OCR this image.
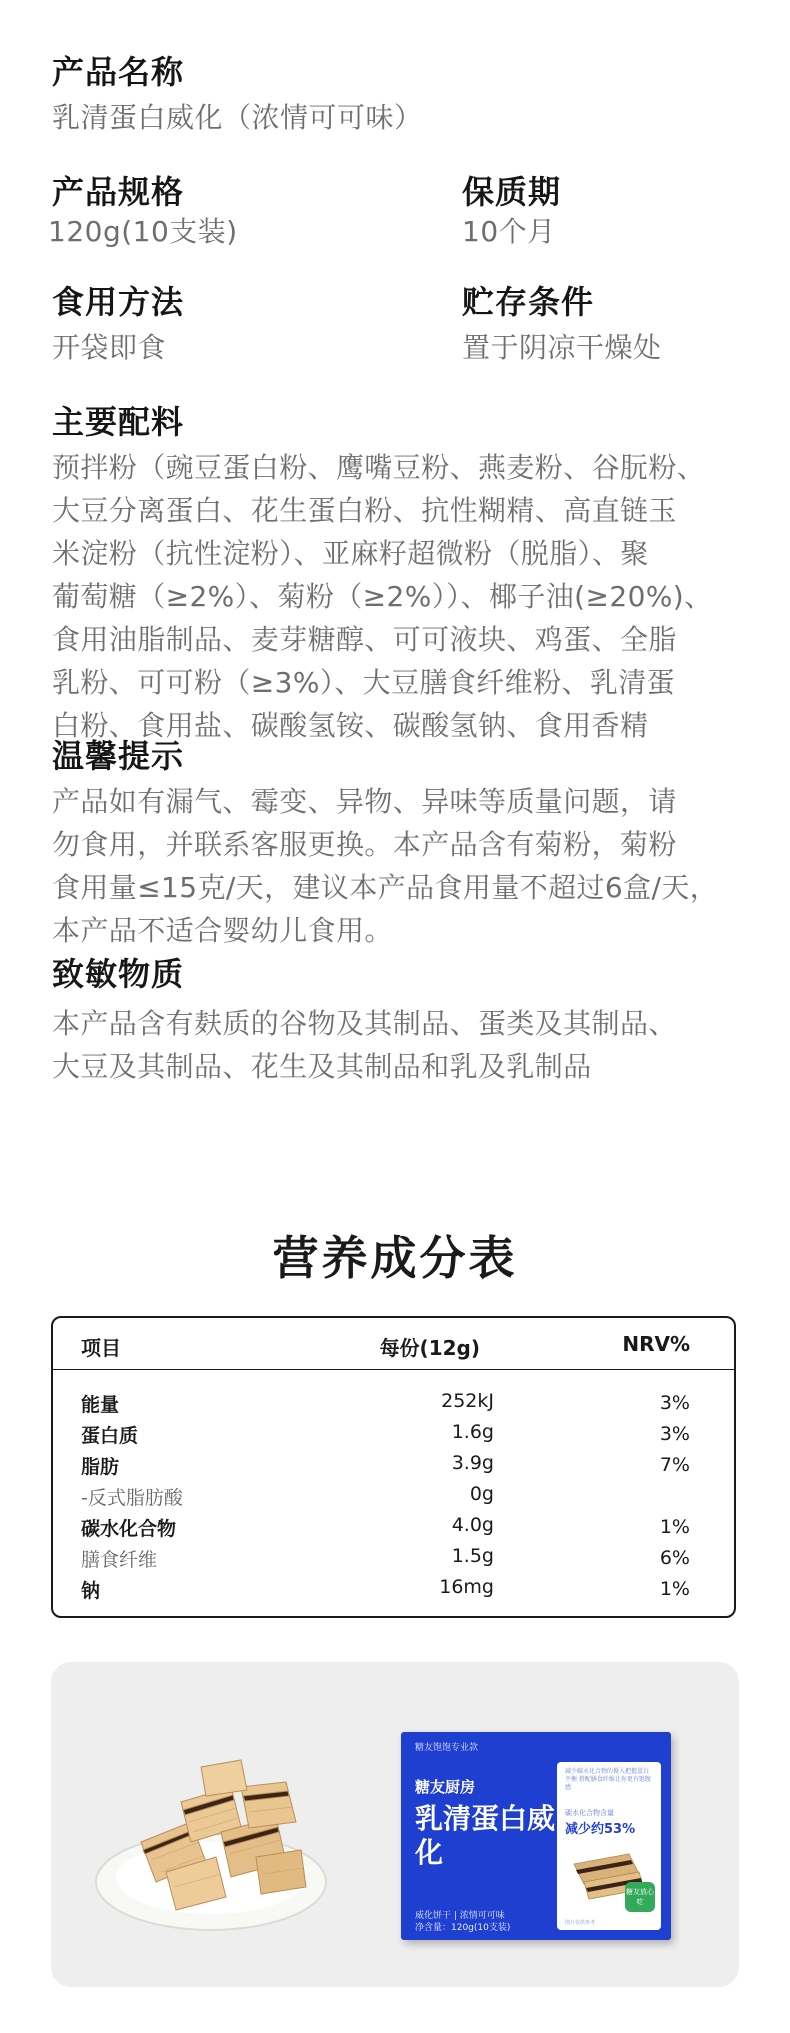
产品名称
乳清蛋白威化（浓情可可味）
产品规格
120g(10支装)
保质期
10个月
食用方法
开袋即食
贮存条件
置于阴凉干燥处
主要配料
预拌粉（豌豆蛋白粉、鹰嘴豆粉、燕麦粉、谷朊粉、
大豆分离蛋白、花生蛋白粉、抗性糊精、高直链玉
米淀粉（抗性淀粉）、亚麻籽超微粉（脱脂）、聚
葡萄糖（≥2%）、菊粉（≥2%））、椰子油(≥20%)、
食用油脂制品、麦芽糖醇、可可液块、鸡蛋、全脂
乳粉、可可粉（≥3%）、大豆膳食纤维粉、乳清蛋
白粉、食用盐、碳酸氢铵、碳酸氢钠、食用香精
温馨提示
产品如有漏气、霉变、异物、异味等质量问题，请
勿食用，并联系客服更换。本产品含有菊粉，菊粉
食用量≤15克/天，建议本产品食用量不超过6盒/天，
本产品不适合婴幼儿食用。
致敏物质
本产品含有麸质的谷物及其制品、蛋类及其制品、
大豆及其制品、花生及其制品和乳及乳制品
营养成分表
项目	每份(12g)	NRV%
能量	252kJ	3%
蛋白质	1.6g	3%
脂肪	3.9g	7%
-反式脂肪酸	0g
碳水化合物	4.0g	1%
膳食纤维	1.5g	6%
钠	16mg	1%
糖友饱饱专业款
糖友厨房
乳清蛋白威化
威化饼干 | 浓情可可味
净含量：120g(10支装)
减少碳水化合物的摄入把握蛋白平衡 搭配膳食纤维让你更有饱腹感
碳水化合物含量
减少约53%
糖友放心吃
图片仅供参考
